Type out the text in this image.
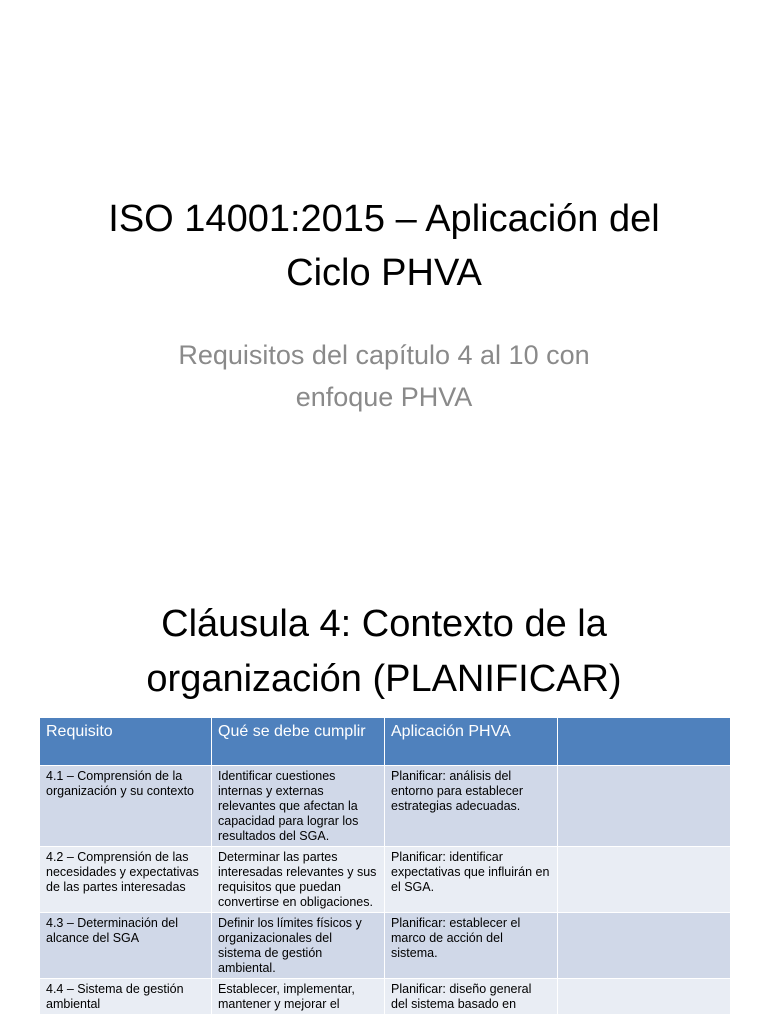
ISO 14001:2015 – Aplicación del
Ciclo PHVA
Requisitos del capítulo 4 al 10 con
enfoque PHVA
Cláusula 4: Contexto de la
organización (PLANIFICAR)
Requisito	Qué se debe cumplir	Aplicación PHVA	
4.1 – Comprensión de la organización y su contexto	Identificar cuestiones internas y externas relevantes que afectan la capacidad para lograr los resultados del SGA.	Planificar: análisis del entorno para establecer estrategias adecuadas.	
4.2 – Comprensión de las necesidades y expectativas de las partes interesadas	Determinar las partes interesadas relevantes y sus requisitos que puedan convertirse en obligaciones.	Planificar: identificar expectativas que influirán en el SGA.	
4.3 – Determinación del alcance del SGA	Definir los límites físicos y organizacionales del sistema de gestión ambiental.	Planificar: establecer el marco de acción del sistema.	
4.4 – Sistema de gestión ambiental	Establecer, implementar, mantener y mejorar el	Planificar: diseño general del sistema basado en	
